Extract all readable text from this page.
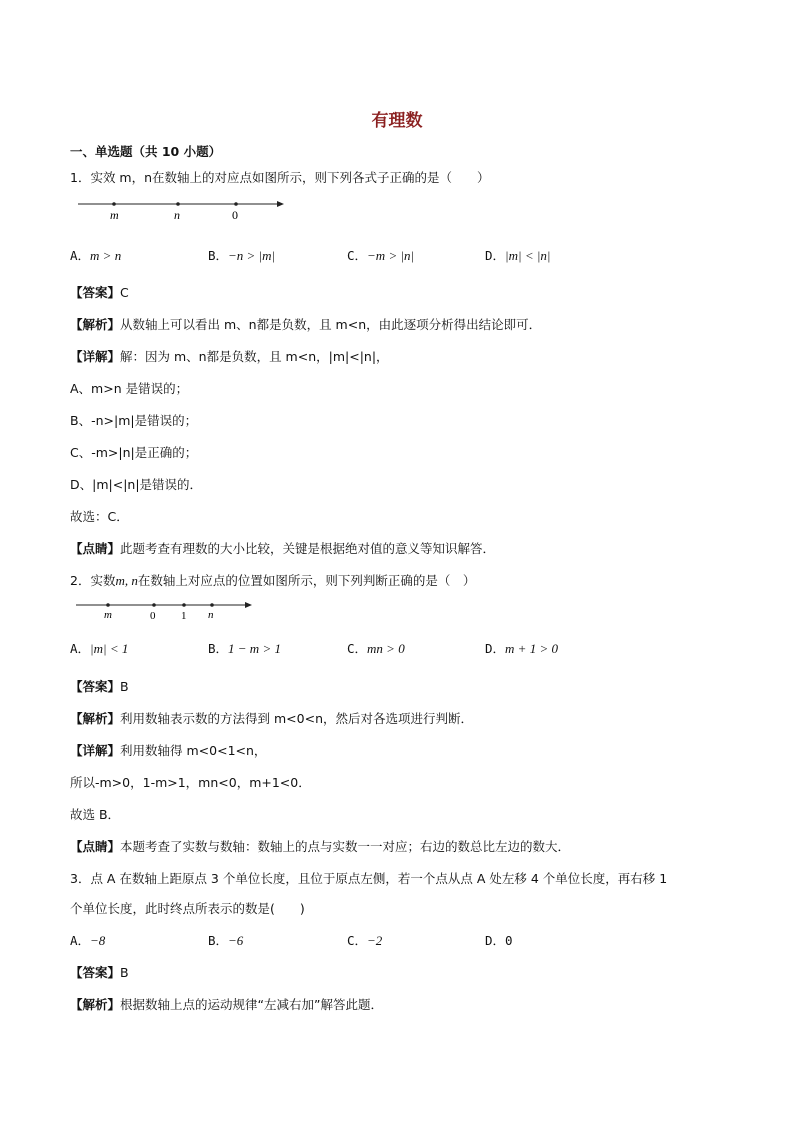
有理数
一、单选题（共 10 小题）
1．实效 m，n在数轴上的对应点如图所示，则下列各式子正确的是（　　）
m	n	0
A．m > n	B．−n > |m|	C．−m > |n|	D．|m| < |n|
【答案】C
【解析】从数轴上可以看出 m、n都是负数，且 m<n，由此逐项分析得出结论即可．
【详解】解：因为 m、n都是负数，且 m<n，|m|<|n|，
A、m>n 是错误的；
B、-n>|m|是错误的；
C、-m>|n|是正确的；
D、|m|<|n|是错误的．
故选：C．
【点睛】此题考查有理数的大小比较，关键是根据绝对值的意义等知识解答．
2．实数m, n在数轴上对应点的位置如图所示，则下列判断正确的是（　）
m	0 1 n
A．|m| < 1	B．1 − m > 1	C．mn > 0	D．m + 1 > 0
【答案】B
【解析】利用数轴表示数的方法得到 m<0<n，然后对各选项进行判断．
【详解】利用数轴得 m<0<1<n，
所以-m>0，1-m>1，mn<0，m+1<0．
故选 B．
【点睛】本题考查了实数与数轴：数轴上的点与实数一一对应；右边的数总比左边的数大．
3．点 A 在数轴上距原点 3 个单位长度，且位于原点左侧，若一个点从点 A 处左移 4 个单位长度，再右移 1
个单位长度，此时终点所表示的数是(　　)
A．−8	B．−6	C．−2	D．0
【答案】B
【解析】根据数轴上点的运动规律“左减右加”解答此题．
